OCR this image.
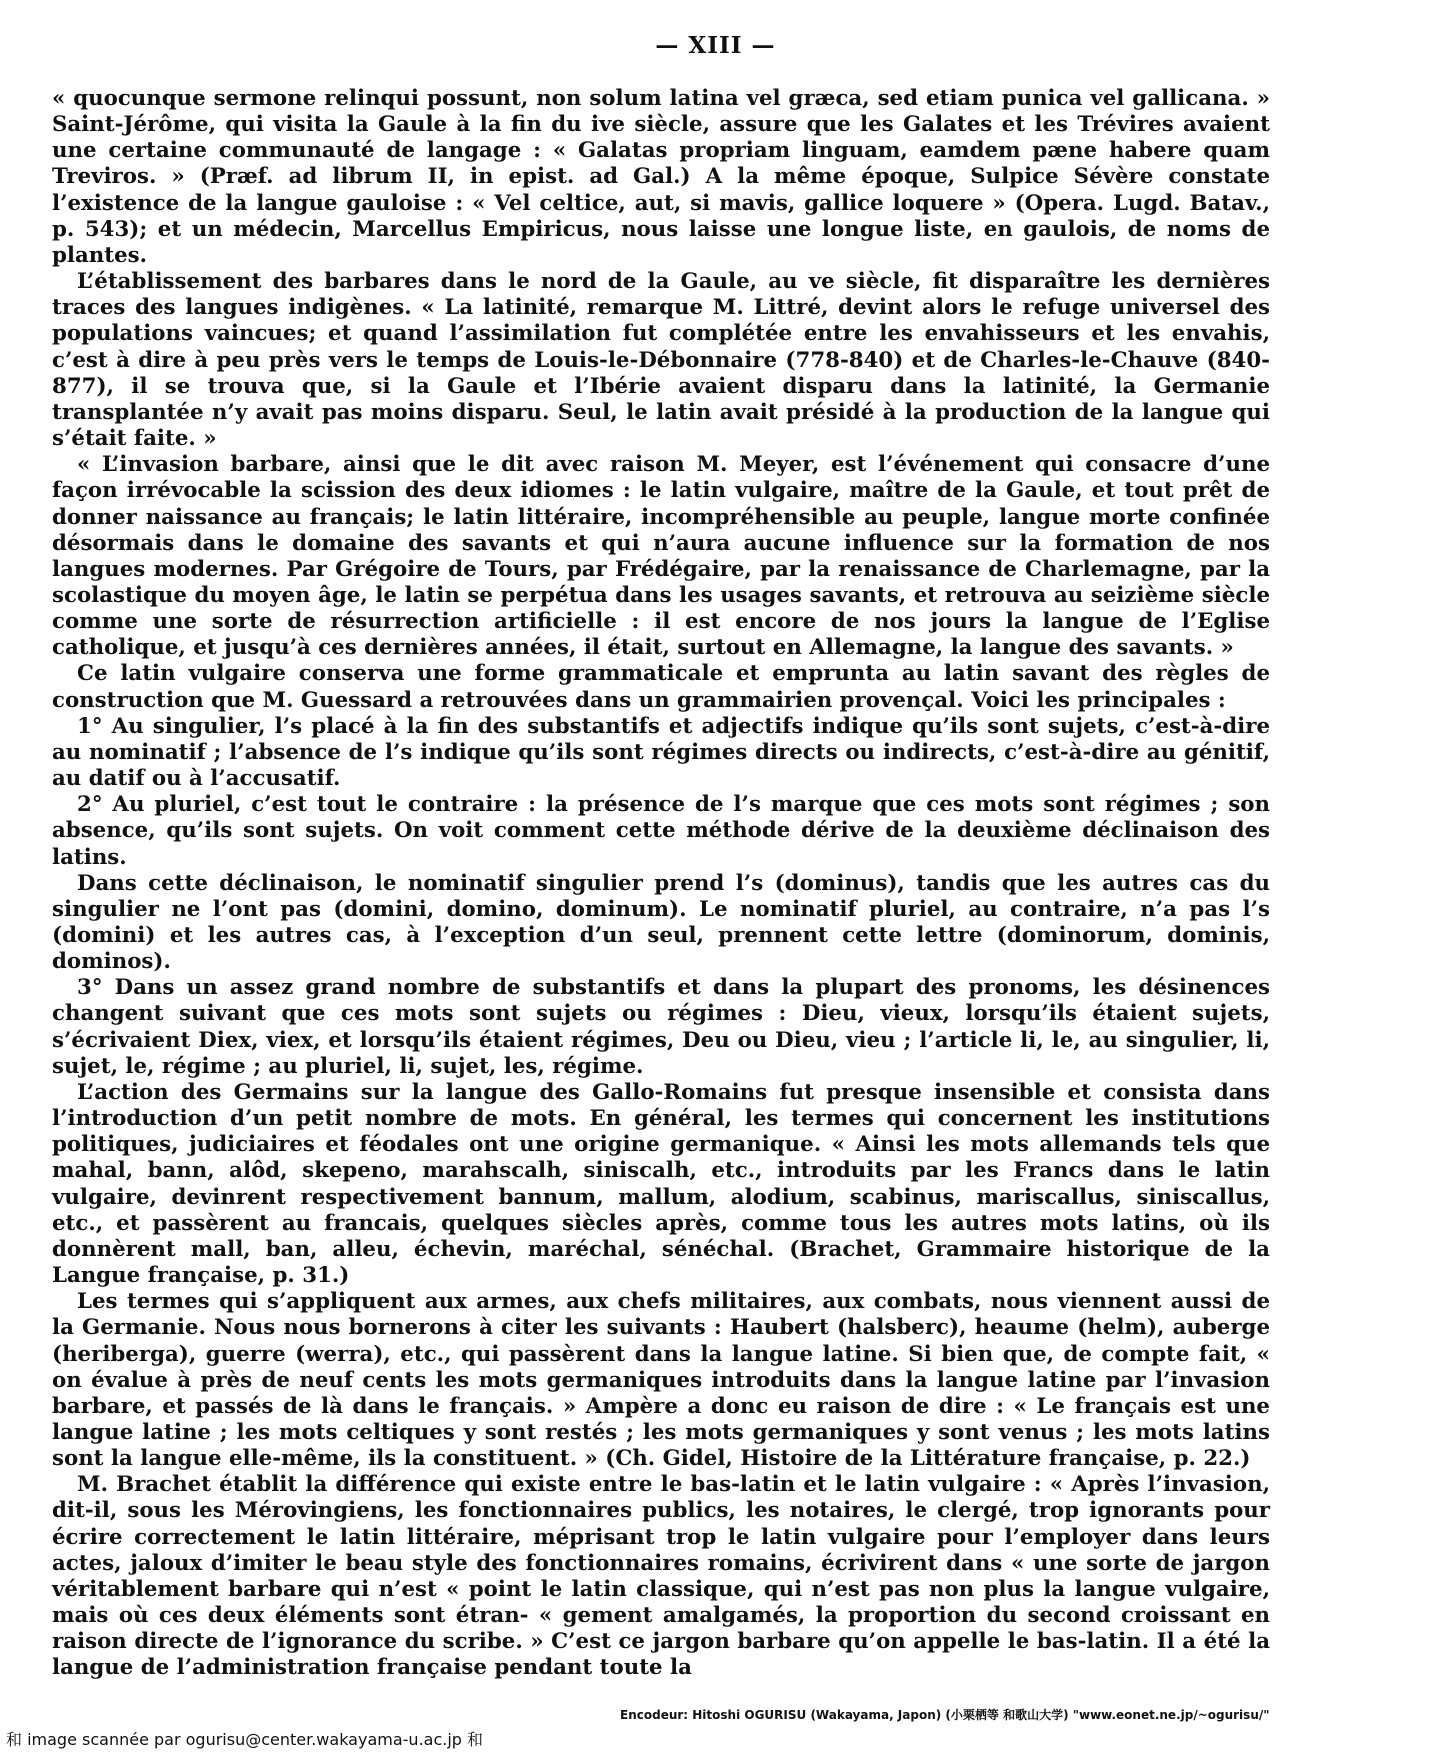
— XIII —

« quocunque sermone relinqui possunt, non solum latina vel græca, sed etiam punica vel gallicana. » Saint-Jérôme, qui visita la Gaule à la fin du ive siècle, assure que les Galates et les Trévires avaient une certaine communauté de langage : « Galatas propriam linguam, eamdem pæne habere quam Treviros. » (Præf. ad librum II, in epist. ad Gal.) A la même époque, Sulpice Sévère constate l’existence de la langue gauloise : « Vel celtice, aut, si mavis, gallice loquere » (Opera. Lugd. Batav., p. 543); et un médecin, Marcellus Empiricus, nous laisse une longue liste, en gaulois, de noms de plantes.

L’établissement des barbares dans le nord de la Gaule, au ve siècle, fit disparaître les dernières traces des langues indigènes. « La latinité, remarque M. Littré, devint alors le refuge universel des populations vaincues; et quand l’assimilation fut complétée entre les envahisseurs et les envahis, c’est à dire à peu près vers le temps de Louis-le-Débonnaire (778-840) et de Charles-le-Chauve (840-877), il se trouva que, si la Gaule et l’Ibérie avaient disparu dans la latinité, la Germanie transplantée n’y avait pas moins disparu. Seul, le latin avait présidé à la production de la langue qui s’était faite. »

« L’invasion barbare, ainsi que le dit avec raison M. Meyer, est l’événement qui consacre d’une façon irrévocable la scission des deux idiomes : le latin vulgaire, maître de la Gaule, et tout prêt de donner naissance au français; le latin littéraire, incompréhensible au peuple, langue morte confinée désormais dans le domaine des savants et qui n’aura aucune influence sur la formation de nos langues modernes. Par Grégoire de Tours, par Frédégaire, par la renaissance de Charlemagne, par la scolastique du moyen âge, le latin se perpétua dans les usages savants, et retrouva au seizième siècle comme une sorte de résurrection artificielle : il est encore de nos jours la langue de l’Eglise catholique, et jusqu’à ces dernières années, il était, surtout en Allemagne, la langue des savants. »

Ce latin vulgaire conserva une forme grammaticale et emprunta au latin savant des règles de construction que M. Guessard a retrouvées dans un grammairien provençal. Voici les principales :

1° Au singulier, l’s placé à la fin des substantifs et adjectifs indique qu’ils sont sujets, c’est-à-dire au nominatif ; l’absence de l’s indique qu’ils sont régimes directs ou indirects, c’est-à-dire au génitif, au datif ou à l’accusatif.

2° Au pluriel, c’est tout le contraire : la présence de l’s marque que ces mots sont régimes ; son absence, qu’ils sont sujets. On voit comment cette méthode dérive de la deuxième déclinaison des latins.

Dans cette déclinaison, le nominatif singulier prend l’s (dominus), tandis que les autres cas du singulier ne l’ont pas (domini, domino, dominum). Le nominatif pluriel, au contraire, n’a pas l’s (domini) et les autres cas, à l’exception d’un seul, prennent cette lettre (dominorum, dominis, dominos).

3° Dans un assez grand nombre de substantifs et dans la plupart des pronoms, les désinences changent suivant que ces mots sont sujets ou régimes : Dieu, vieux, lorsqu’ils étaient sujets, s’écrivaient Diex, viex, et lorsqu’ils étaient régimes, Deu ou Dieu, vieu ; l’article li, le, au singulier, li, sujet, le, régime ; au pluriel, li, sujet, les, régime.

L’action des Germains sur la langue des Gallo-Romains fut presque insensible et consista dans l’introduction d’un petit nombre de mots. En général, les termes qui concernent les institutions politiques, judiciaires et féodales ont une origine germanique. « Ainsi les mots allemands tels que mahal, bann, alôd, skepeno, marahscalh, siniscalh, etc., introduits par les Francs dans le latin vulgaire, devinrent respectivement bannum, mallum, alodium, scabinus, mariscallus, siniscallus, etc., et passèrent au francais, quelques siècles après, comme tous les autres mots latins, où ils donnèrent mall, ban, alleu, échevin, maréchal, sénéchal. (Brachet, Grammaire historique de la Langue française, p. 31.)

Les termes qui s’appliquent aux armes, aux chefs militaires, aux combats, nous viennent aussi de la Germanie. Nous nous bornerons à citer les suivants : Haubert (halsberc), heaume (helm), auberge (heriberga), guerre (werra), etc., qui passèrent dans la langue latine. Si bien que, de compte fait, « on évalue à près de neuf cents les mots germaniques introduits dans la langue latine par l’invasion barbare, et passés de là dans le français. » Ampère a donc eu raison de dire : « Le français est une langue latine ; les mots celtiques y sont restés ; les mots germaniques y sont venus ; les mots latins sont la langue elle-même, ils la constituent. » (Ch. Gidel, Histoire de la Littérature française, p. 22.)

M. Brachet établit la différence qui existe entre le bas-latin et le latin vulgaire : « Après l’invasion, dit-il, sous les Mérovingiens, les fonctionnaires publics, les notaires, le clergé, trop ignorants pour écrire correctement le latin littéraire, méprisant trop le latin vulgaire pour l’employer dans leurs actes, jaloux d’imiter le beau style des fonctionnaires romains, écrivirent dans « une sorte de jargon véritablement barbare qui n’est « point le latin classique, qui n’est pas non plus la langue vulgaire, mais où ces deux éléments sont étran- « gement amalgamés, la proportion du second croissant en raison directe de l’ignorance du scribe. » C’est ce jargon barbare qu’on appelle le bas-latin. Il a été la langue de l’administration française pendant toute la

Encodeur: Hitoshi OGURISU (Wakayama, Japon) (小栗栖等 和歌山大学) "www.eonet.ne.jp/~ogurisu/"
和 image scannée par ogurisu@center.wakayama-u.ac.jp 和
